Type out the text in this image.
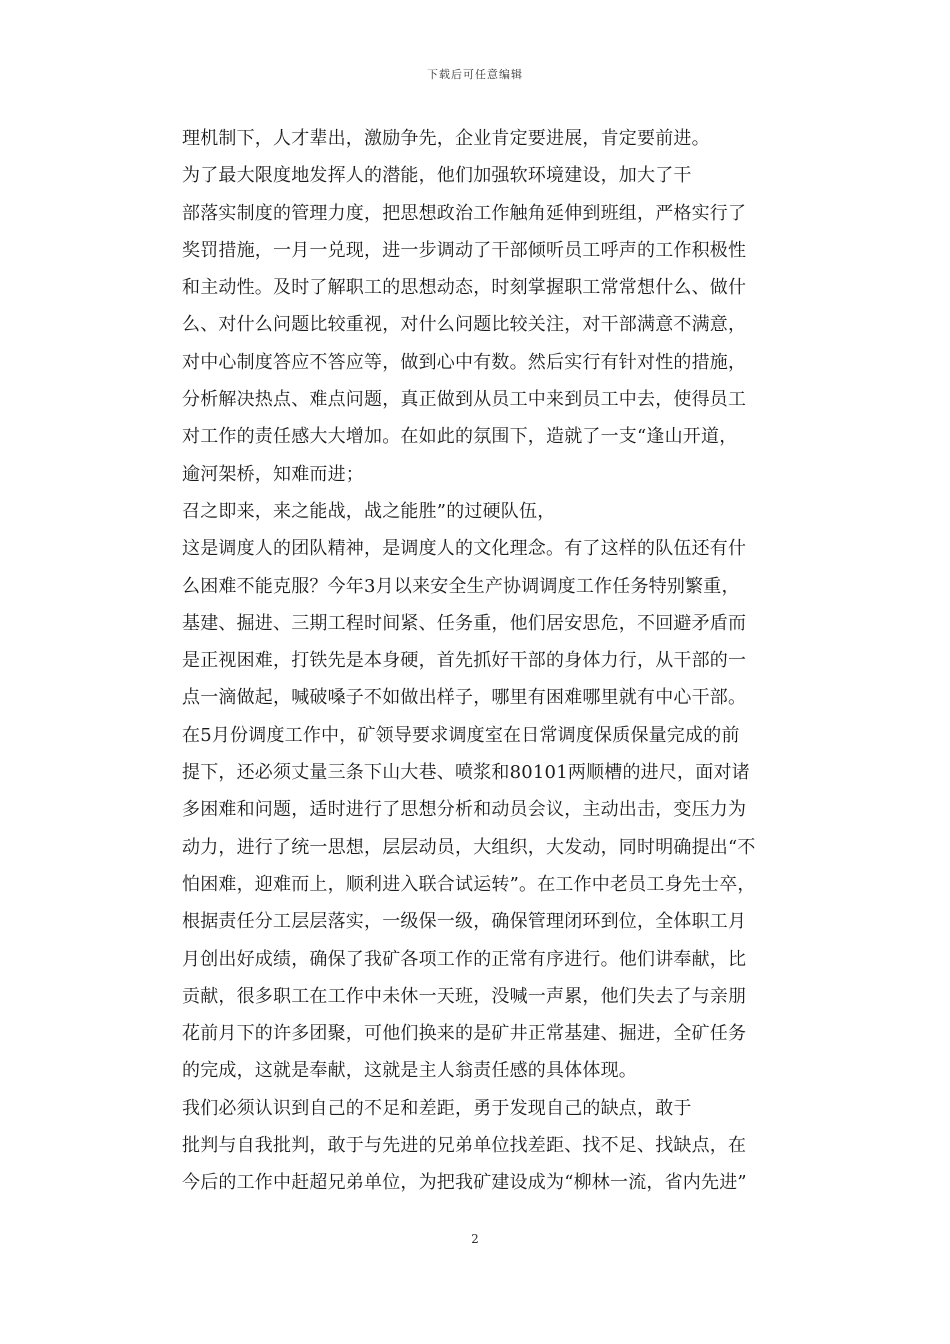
下载后可任意编辑
理机制下，人才辈出，激励争先，企业肯定要进展，肯定要前进。
为了最大限度地发挥人的潜能，他们加强软环境建设，加大了干
部落实制度的管理力度，把思想政治工作触角延伸到班组，严格实行了
奖罚措施，一月一兑现，进一步调动了干部倾听员工呼声的工作积极性
和主动性。及时了解职工的思想动态，时刻掌握职工常常想什么、做什
么、对什么问题比较重视，对什么问题比较关注，对干部满意不满意，
对中心制度答应不答应等，做到心中有数。然后实行有针对性的措施，
分析解决热点、难点问题，真正做到从员工中来到员工中去，使得员工
对工作的责任感大大增加。在如此的氛围下，造就了一支“逢山开道，
逾河架桥，知难而进；
召之即来，来之能战，战之能胜”的过硬队伍，
这是调度人的团队精神，是调度人的文化理念。有了这样的队伍还有什
么困难不能克服？今年3月以来安全生产协调调度工作任务特别繁重，
基建、掘进、三期工程时间紧、任务重，他们居安思危，不回避矛盾而
是正视困难，打铁先是本身硬，首先抓好干部的身体力行，从干部的一
点一滴做起，喊破嗓子不如做出样子，哪里有困难哪里就有中心干部。
在5月份调度工作中，矿领导要求调度室在日常调度保质保量完成的前
提下，还必须丈量三条下山大巷、喷浆和80101两顺槽的进尺，面对诸
多困难和问题，适时进行了思想分析和动员会议，主动出击，变压力为
动力，进行了统一思想，层层动员，大组织，大发动，同时明确提出“不
怕困难，迎难而上，顺利进入联合试运转”。在工作中老员工身先士卒，
根据责任分工层层落实，一级保一级，确保管理闭环到位，全体职工月
月创出好成绩，确保了我矿各项工作的正常有序进行。他们讲奉献，比
贡献，很多职工在工作中未休一天班，没喊一声累，他们失去了与亲朋
花前月下的许多团聚，可他们换来的是矿井正常基建、掘进，全矿任务
的完成，这就是奉献，这就是主人翁责任感的具体体现。
我们必须认识到自己的不足和差距，勇于发现自己的缺点，敢于
批判与自我批判，敢于与先进的兄弟单位找差距、找不足、找缺点，在
今后的工作中赶超兄弟单位，为把我矿建设成为“柳林一流，省内先进”
2
